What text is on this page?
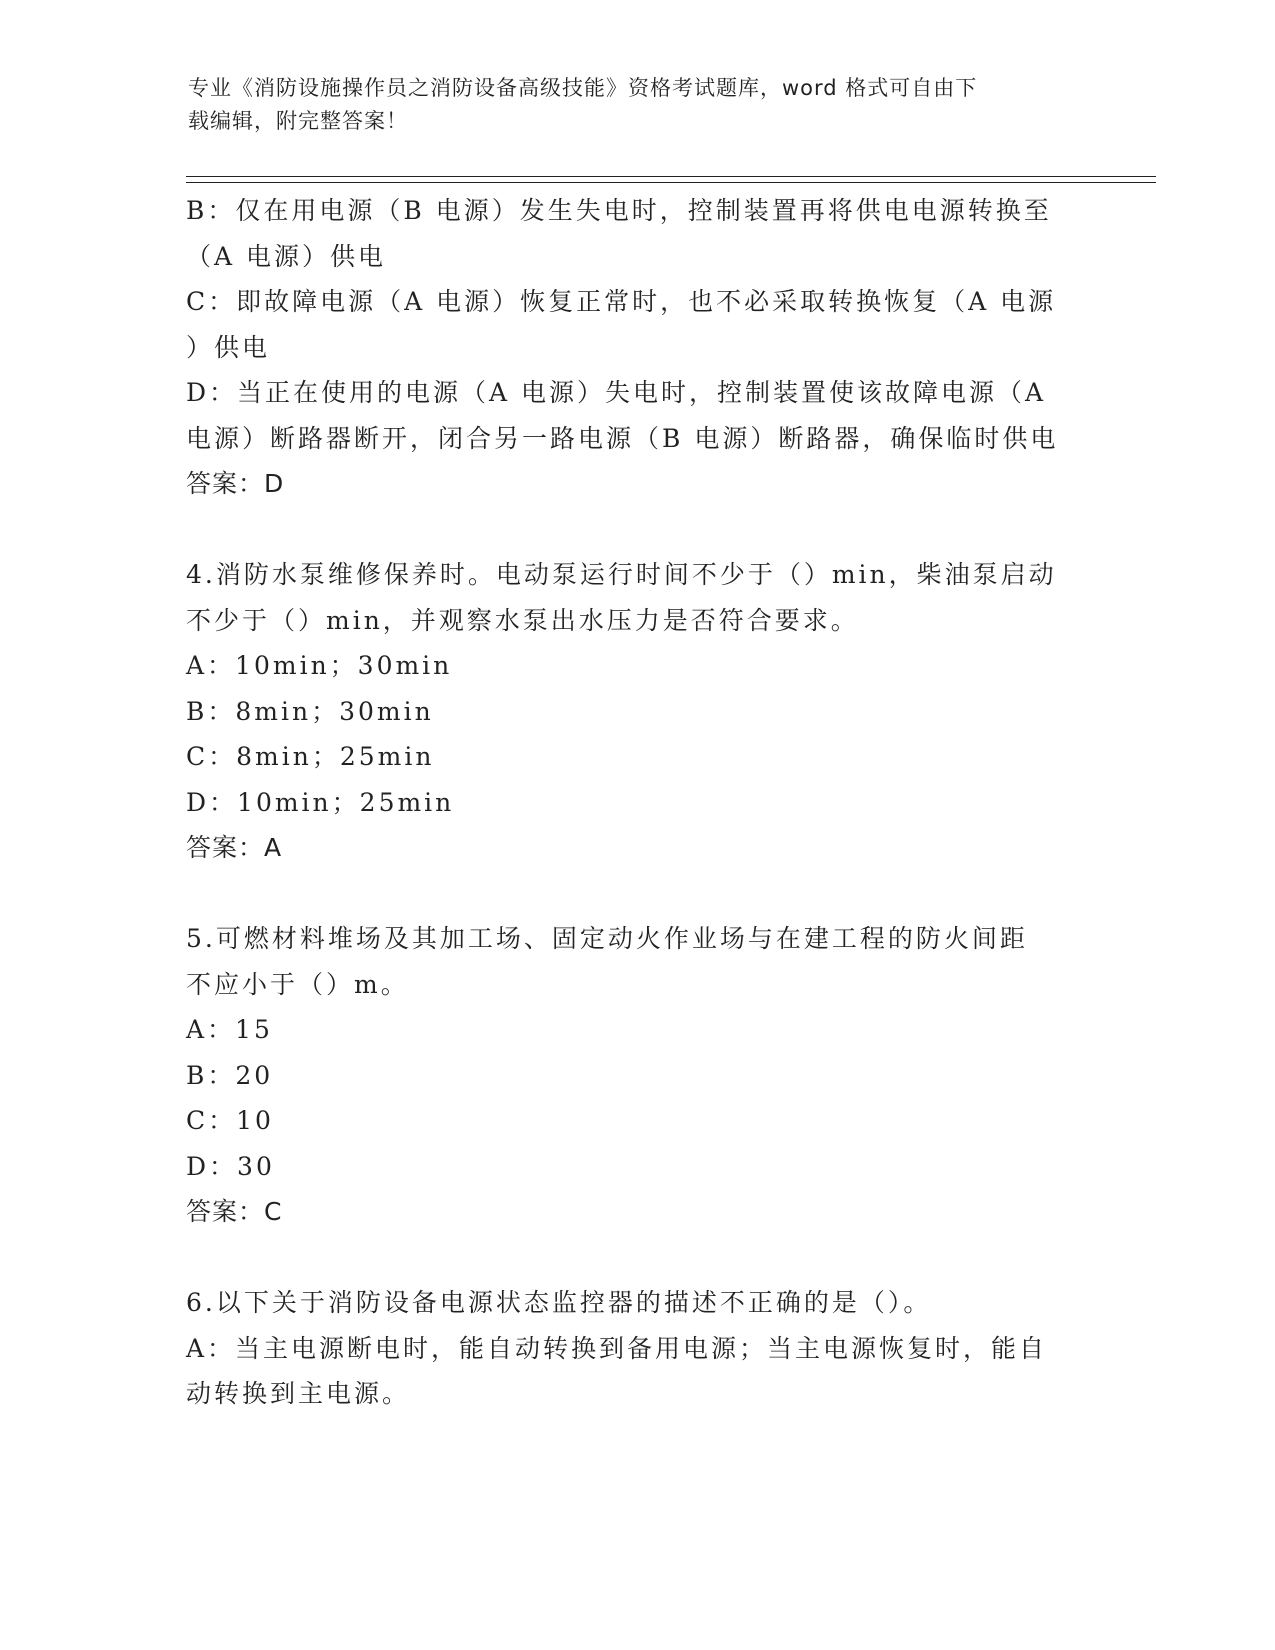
专业《消防设施操作员之消防设备高级技能》资格考试题库，word 格式可自由下
载编辑，附完整答案！
B：仅在用电源（B 电源）发生失电时，控制装置再将供电电源转换至
（A 电源）供电
C：即故障电源（A 电源）恢复正常时，也不必采取转换恢复（A 电源
）供电
D：当正在使用的电源（A 电源）失电时，控制装置使该故障电源（A
电源）断路器断开，闭合另一路电源（B 电源）断路器，确保临时供电
答案：D
4.消防水泵维修保养时。电动泵运行时间不少于（）min，柴油泵启动
不少于（）min，并观察水泵出水压力是否符合要求。
A：10min；30min
B：8min；30min
C：8min；25min
D：10min；25min
答案：A
5.可燃材料堆场及其加工场、固定动火作业场与在建工程的防火间距
不应小于（）m。
A：15
B：20
C：10
D：30
答案：C
6.以下关于消防设备电源状态监控器的描述不正确的是（）。
A：当主电源断电时，能自动转换到备用电源；当主电源恢复时，能自
动转换到主电源。
